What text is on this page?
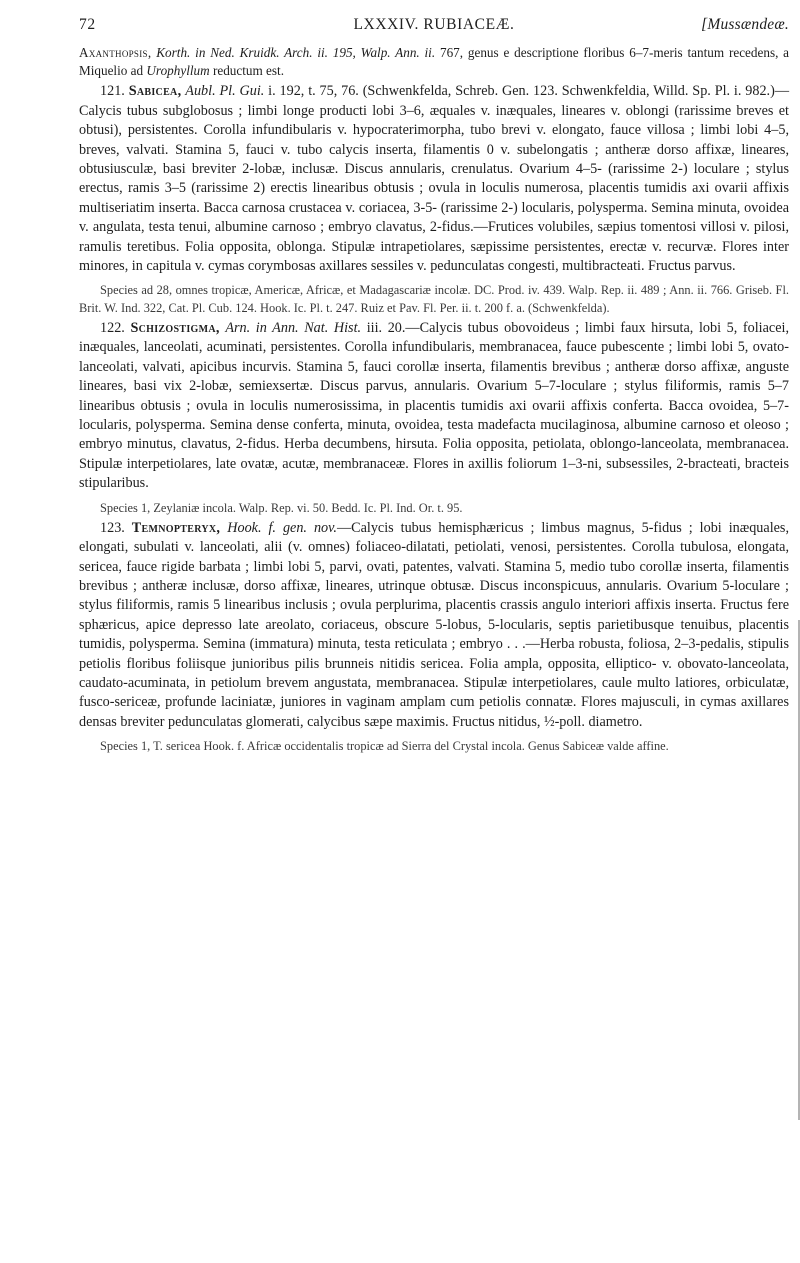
72	LXXXIV. RUBIACEÆ.	[Mussændeæ.

Axanthopsis, Korth. in Ned. Kruidk. Arch. ii. 195, Walp. Ann. ii. 767, genus e descriptione floribus 6–7-meris tantum recedens, a Miquelio ad Urophyllum reductum est.

121. Sabicea, Aubl. Pl. Gui. i. 192, t. 75, 76. (Schwenkfelda, Schreb. Gen. 123. Schwenkfeldia, Willd. Sp. Pl. i. 982.)—Calycis tubus subglobosus ; limbi longe producti lobi 3–6, æquales v. inæquales, lineares v. oblongi (rarissime breves et obtusi), persistentes. Corolla infundibularis v. hypocraterimorpha, tubo brevi v. elongato, fauce villosa ; limbi lobi 4–5, breves, valvati. Stamina 5, fauci v. tubo calycis inserta, filamentis 0 v. subelongatis ; antheræ dorso affixæ, lineares, obtusiusculæ, basi breviter 2-lobæ, inclusæ. Discus annularis, crenulatus. Ovarium 4–5- (rarissime 2-) loculare ; stylus erectus, ramis 3–5 (rarissime 2) erectis linearibus obtusis ; ovula in loculis numerosa, placentis tumidis axi ovarii affixis multiseriatim inserta. Bacca carnosa crustacea v. coriacea, 3-5- (rarissime 2-) locularis, polysperma. Semina minuta, ovoidea v. angulata, testa tenui, albumine carnoso ; embryo clavatus, 2-fidus.—Frutices volubiles, sæpius tomentosi villosi v. pilosi, ramulis teretibus. Folia opposita, oblonga. Stipulæ intrapetiolares, sæpissime persistentes, erectæ v. recurvæ. Flores inter minores, in capitula v. cymas corymbosas axillares sessiles v. pedunculatas congesti, multibracteati. Fructus parvus.

Species ad 28, omnes tropicæ, Americæ, Africæ, et Madagascariæ incolæ. DC. Prod. iv. 439. Walp. Rep. ii. 489 ; Ann. ii. 766. Griseb. Fl. Brit. W. Ind. 322, Cat. Pl. Cub. 124. Hook. Ic. Pl. t. 247. Ruiz et Pav. Fl. Per. ii. t. 200 f. a. (Schwenkfelda).

122. Schizostigma, Arn. in Ann. Nat. Hist. iii. 20.—Calycis tubus obovoideus ; limbi faux hirsuta, lobi 5, foliacei, inæquales, lanceolati, acuminati, persistentes. Corolla infundibularis, membranacea, fauce pubescente ; limbi lobi 5, ovato-lanceolati, valvati, apicibus incurvis. Stamina 5, fauci corollæ inserta, filamentis brevibus ; antheræ dorso affixæ, anguste lineares, basi vix 2-lobæ, semiexsertæ. Discus parvus, annularis. Ovarium 5–7-loculare ; stylus filiformis, ramis 5–7 linearibus obtusis ; ovula in loculis numerosissima, in placentis tumidis axi ovarii affixis conferta. Bacca ovoidea, 5–7-locularis, polysperma. Semina dense conferta, minuta, ovoidea, testa madefacta mucilaginosa, albumine carnoso et oleoso ; embryo minutus, clavatus, 2-fidus. Herba decumbens, hirsuta. Folia opposita, petiolata, oblongo-lanceolata, membranacea. Stipulæ interpetiolares, late ovatæ, acutæ, membranaceæ. Flores in axillis foliorum 1–3-ni, subsessiles, 2-bracteati, bracteis stipularibus.

Species 1, Zeylaniæ incola. Walp. Rep. vi. 50. Bedd. Ic. Pl. Ind. Or. t. 95.

123. Temnopteryx, Hook. f. gen. nov.—Calycis tubus hemisphæricus ; limbus magnus, 5-fidus ; lobi inæquales, elongati, subulati v. lanceolati, alii (v. omnes) foliaceo-dilatati, petiolati, venosi, persistentes. Corolla tubulosa, elongata, sericea, fauce rigide barbata ; limbi lobi 5, parvi, ovati, patentes, valvati. Stamina 5, medio tubo corollæ inserta, filamentis brevibus ; antheræ inclusæ, dorso affixæ, lineares, utrinque obtusæ. Discus inconspicuus, annularis. Ovarium 5-loculare ; stylus filiformis, ramis 5 linearibus inclusis ; ovula perplurima, placentis crassis angulo interiori affixis inserta. Fructus fere sphæricus, apice depresso late areolato, coriaceus, obscure 5-lobus, 5-locularis, septis parietibusque tenuibus, placentis tumidis, polysperma. Semina (immatura) minuta, testa reticulata ; embryo . . .—Herba robusta, foliosa, 2–3-pedalis, stipulis petiolis floribus foliisque junioribus pilis brunneis nitidis sericea. Folia ampla, opposita, elliptico- v. obovato-lanceolata, caudato-acuminata, in petiolum brevem angustata, membranacea. Stipulæ interpetiolares, caule multo latiores, orbiculatæ, fusco-sericeæ, profunde laciniatæ, juniores in vaginam amplam cum petiolis connatæ. Flores majusculi, in cymas axillares densas breviter pedunculatas glomerati, calycibus sæpe maximis. Fructus nitidus, ½-poll. diametro.

Species 1, T. sericea Hook. f. Africæ occidentalis tropicæ ad Sierra del Crystal incola. Genus Sabiceæ valde affine.
